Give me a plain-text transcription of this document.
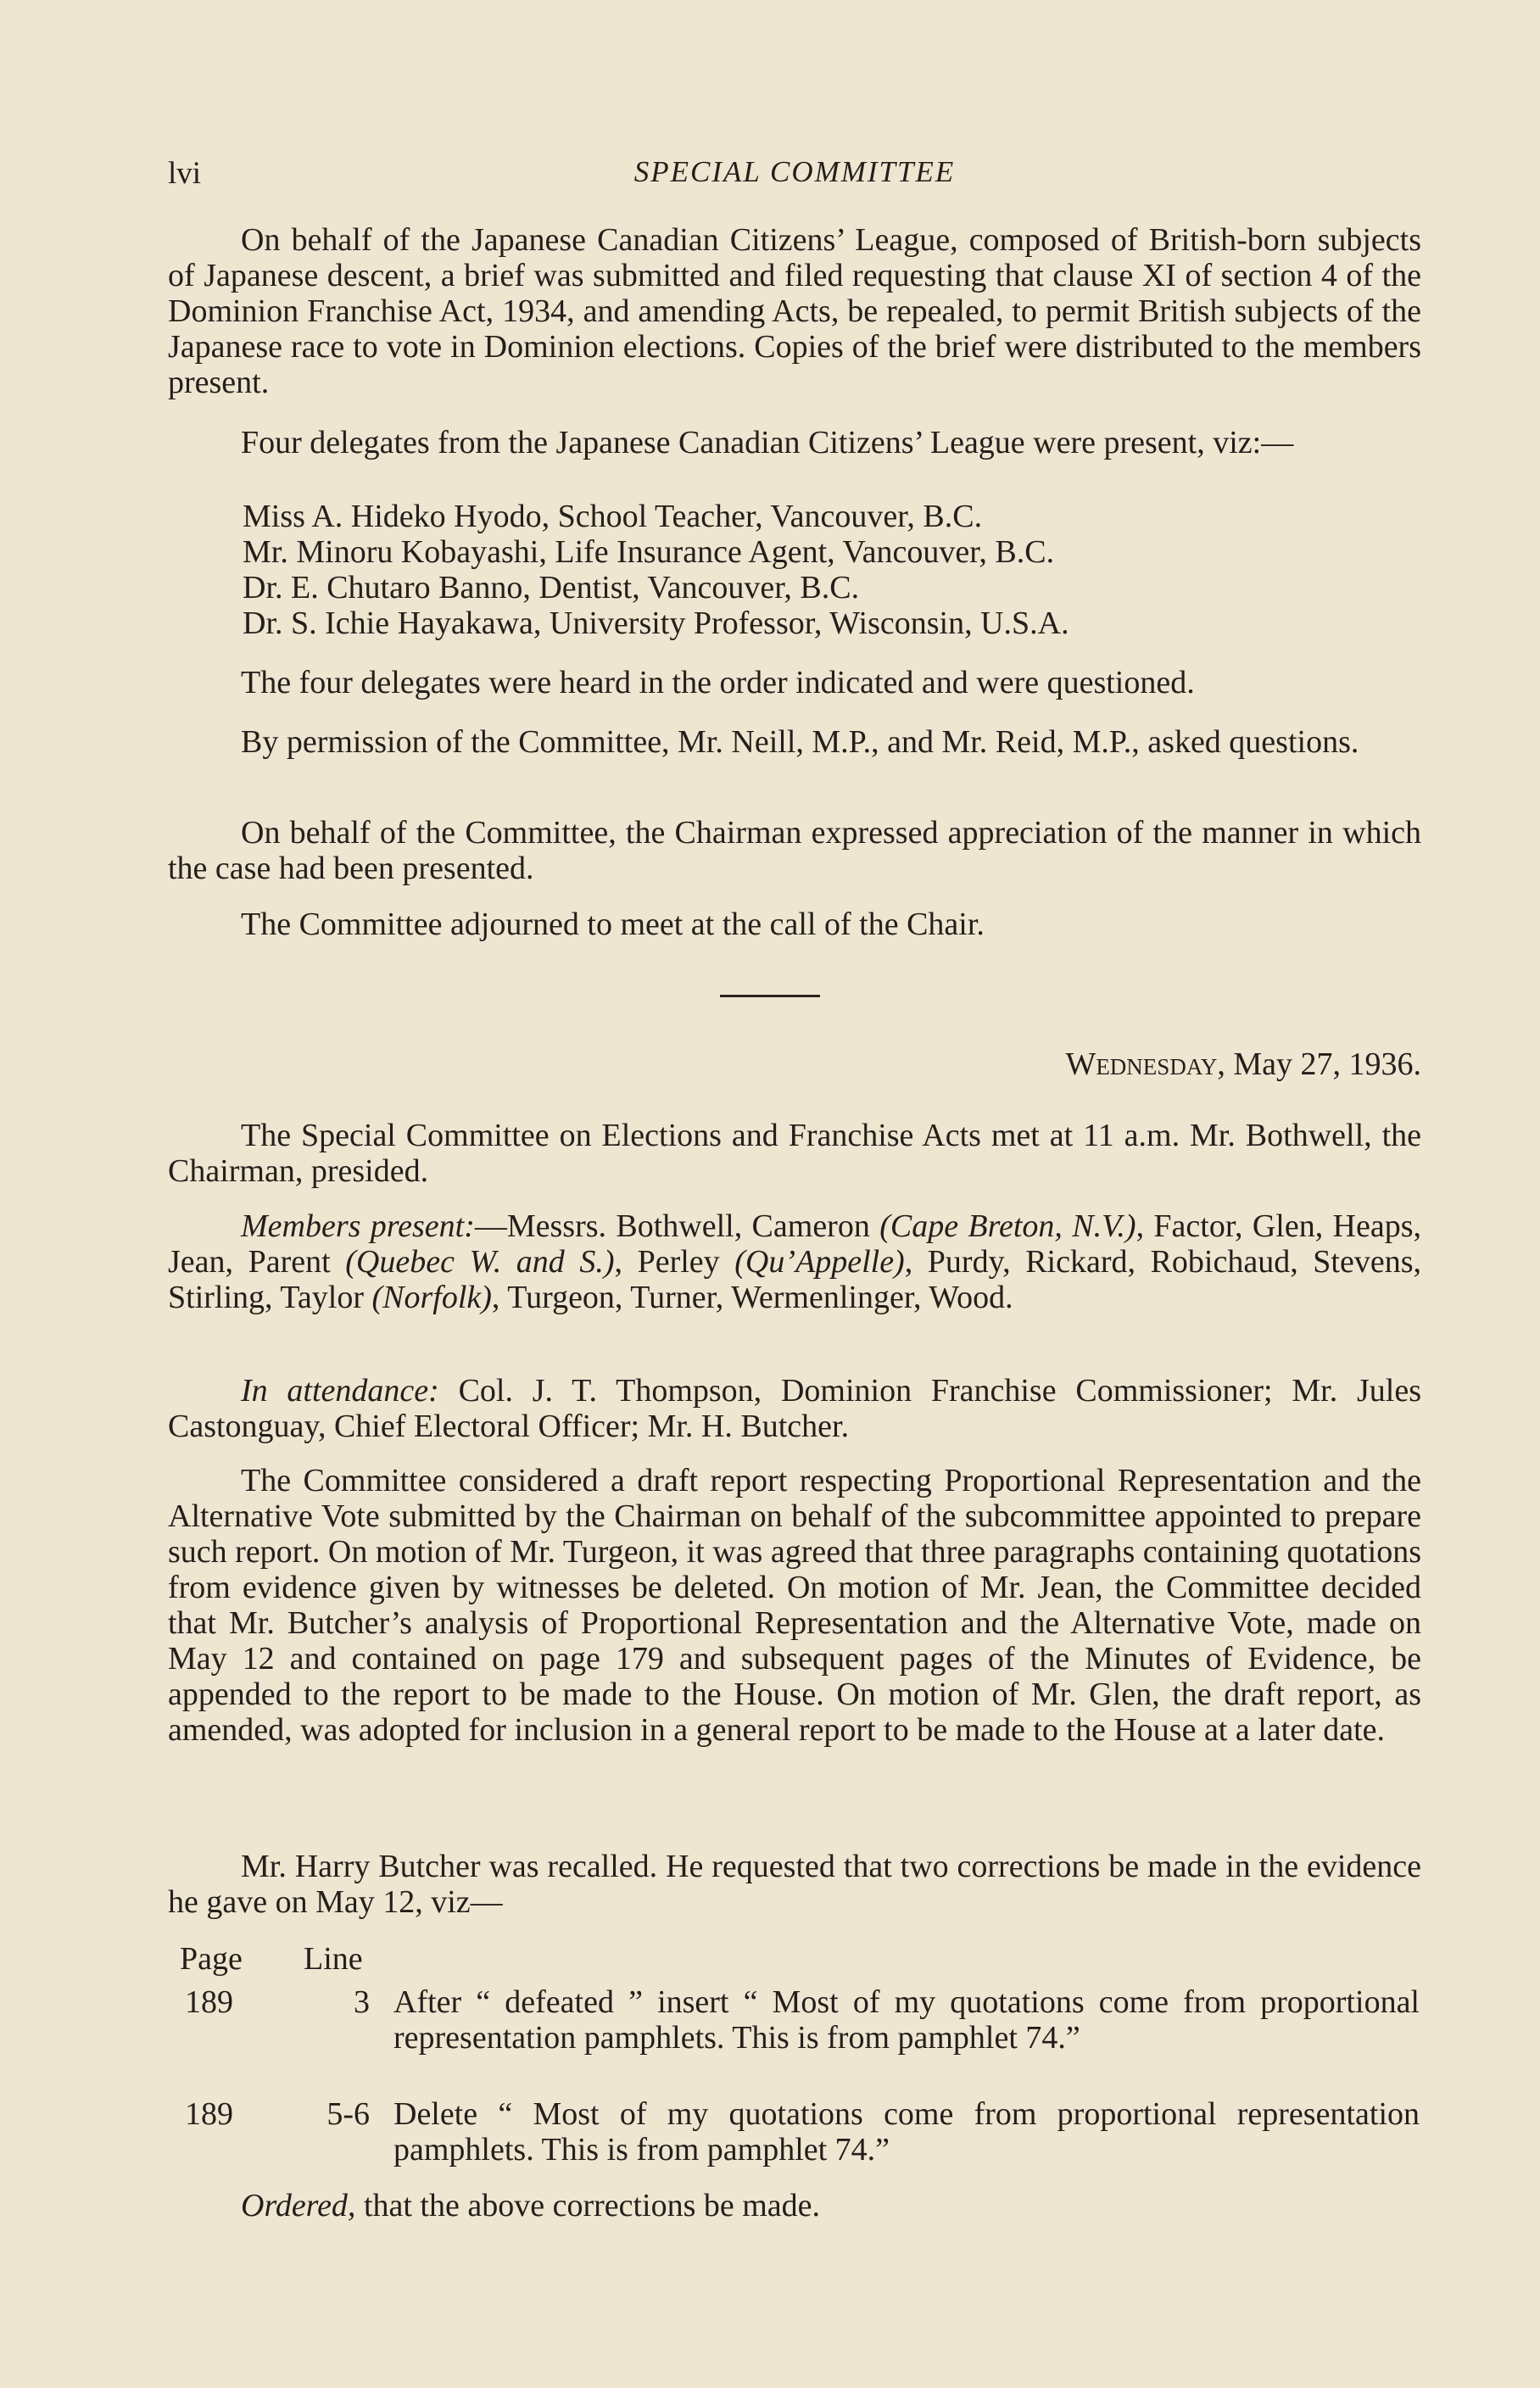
lvi	SPECIAL COMMITTEE

On behalf of the Japanese Canadian Citizens’ League, composed of British-born subjects of Japanese descent, a brief was submitted and filed requesting that clause XI of section 4 of the Dominion Franchise Act, 1934, and amending Acts, be repealed, to permit British subjects of the Japanese race to vote in Dominion elections. Copies of the brief were distributed to the members present.

Four delegates from the Japanese Canadian Citizens’ League were present, viz:—

Miss A. Hideko Hyodo, School Teacher, Vancouver, B.C.
Mr. Minoru Kobayashi, Life Insurance Agent, Vancouver, B.C.
Dr. E. Chutaro Banno, Dentist, Vancouver, B.C.
Dr. S. Ichie Hayakawa, University Professor, Wisconsin, U.S.A.

The four delegates were heard in the order indicated and were questioned.

By permission of the Committee, Mr. Neill, M.P., and Mr. Reid, M.P., asked questions.

On behalf of the Committee, the Chairman expressed appreciation of the manner in which the case had been presented.

The Committee adjourned to meet at the call of the Chair.

Wednesday, May 27, 1936.

The Special Committee on Elections and Franchise Acts met at 11 a.m. Mr. Bothwell, the Chairman, presided.

Members present:—Messrs. Bothwell, Cameron (Cape Breton, N.V.), Factor, Glen, Heaps, Jean, Parent (Quebec W. and S.), Perley (Qu’Appelle), Purdy, Rickard, Robichaud, Stevens, Stirling, Taylor (Norfolk), Turgeon, Turner, Wermenlinger, Wood.

In attendance: Col. J. T. Thompson, Dominion Franchise Commissioner; Mr. Jules Castonguay, Chief Electoral Officer; Mr. H. Butcher.

The Committee considered a draft report respecting Proportional Representation and the Alternative Vote submitted by the Chairman on behalf of the subcommittee appointed to prepare such report. On motion of Mr. Turgeon, it was agreed that three paragraphs containing quotations from evidence given by witnesses be deleted. On motion of Mr. Jean, the Committee decided that Mr. Butcher’s analysis of Proportional Representation and the Alternative Vote, made on May 12 and contained on page 179 and subsequent pages of the Minutes of Evidence, be appended to the report to be made to the House. On motion of Mr. Glen, the draft report, as amended, was adopted for inclusion in a general report to be made to the House at a later date.

Mr. Harry Butcher was recalled. He requested that two corrections be made in the evidence he gave on May 12, viz—

Page Line
189	3 After “ defeated ” insert “ Most of my quotations come from proportional representation pamphlets. This is from pamphlet 74.”
189	5-6 Delete “ Most of my quotations come from proportional representation pamphlets. This is from pamphlet 74.”

Ordered, that the above corrections be made.
